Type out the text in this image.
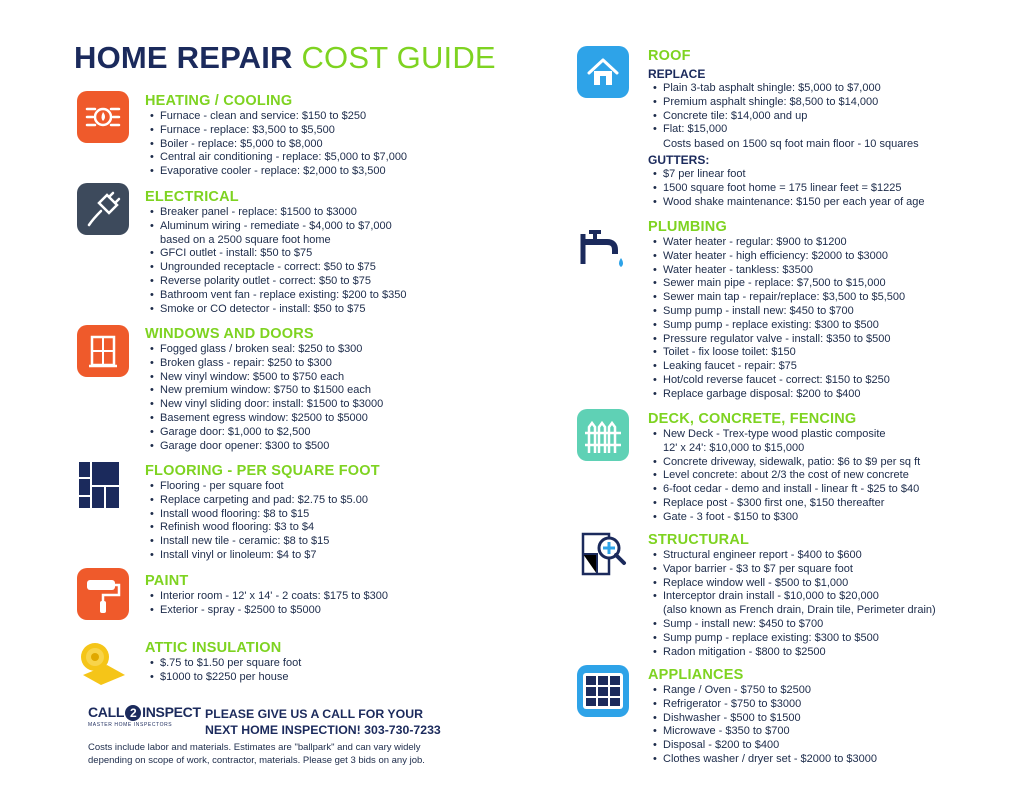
HOME REPAIR COST GUIDE
HEATING / COOLING
• Furnace - clean and service: $150 to $250
• Furnace - replace: $3,500 to $5,500
• Boiler - replace: $5,000 to $8,000
• Central air conditioning - replace: $5,000 to $7,000
• Evaporative cooler - replace: $2,000 to $3,500
ELECTRICAL
• Breaker panel - replace: $1500 to $3000
• Aluminum wiring - remediate - $4,000 to $7,000
based on a 2500 square foot home
• GFCI outlet - install: $50 to $75
• Ungrounded receptacle - correct: $50 to $75
• Reverse polarity outlet - correct: $50 to $75
• Bathroom vent fan - replace existing: $200 to $350
• Smoke or CO detector - install: $50 to $75
WINDOWS AND DOORS
• Fogged glass / broken seal: $250 to $300
• Broken glass - repair: $250 to $300
• New vinyl window: $500 to $750 each
• New premium window: $750 to $1500 each
• New vinyl sliding door: install: $1500 to $3000
• Basement egress window: $2500 to $5000
• Garage door: $1,000 to $2,500
• Garage door opener: $300 to $500
FLOORING - PER SQUARE FOOT
• Flooring - per square foot
• Replace carpeting and pad: $2.75 to $5.00
• Install wood flooring: $8 to $15
• Refinish wood flooring: $3 to $4
• Install new tile - ceramic: $8 to $15
• Install vinyl or linoleum: $4 to $7
PAINT
• Interior room - 12' x 14' - 2 coats: $175 to $300
• Exterior - spray - $2500 to $5000
ATTIC INSULATION
• $.75 to $1.50 per square foot
• $1000 to $2250 per house
CALL 2 INSPECT
MASTER HOME INSPECTORS
PLEASE GIVE US A CALL FOR YOUR
NEXT HOME INSPECTION! 303-730-7233
Costs include labor and materials. Estimates are "ballpark" and can vary widely
depending on scope of work, contractor, materials. Please get 3 bids on any job.
ROOF
REPLACE
• Plain 3-tab asphalt shingle: $5,000 to $7,000
• Premium asphalt shingle: $8,500 to $14,000
• Concrete tile: $14,000 and up
• Flat: $15,000
Costs based on 1500 sq foot main floor - 10 squares
GUTTERS:
• $7 per linear foot
• 1500 square foot home = 175 linear feet = $1225
• Wood shake maintenance: $150 per each year of age
PLUMBING
• Water heater - regular: $900 to $1200
• Water heater - high efficiency: $2000 to $3000
• Water heater - tankless: $3500
• Sewer main pipe - replace: $7,500 to $15,000
• Sewer main tap - repair/replace: $3,500 to $5,500
• Sump pump - install new: $450 to $700
• Sump pump - replace existing: $300 to $500
• Pressure regulator valve - install: $350 to $500
• Toilet - fix loose toilet: $150
• Leaking faucet - repair: $75
• Hot/cold reverse faucet - correct: $150 to $250
• Replace garbage disposal: $200 to $400
DECK, CONCRETE, FENCING
• New Deck - Trex-type wood plastic composite
12' x 24': $10,000 to $15,000
• Concrete driveway, sidewalk, patio: $6 to $9 per sq ft
• Level concrete: about 2/3 the cost of new concrete
• 6-foot cedar - demo and install - linear ft - $25 to $40
• Replace post - $300 first one, $150 thereafter
• Gate - 3 foot - $150 to $300
STRUCTURAL
• Structural engineer report - $400 to $600
• Vapor barrier - $3 to $7 per square foot
• Replace window well - $500 to $1,000
• Interceptor drain install - $10,000 to $20,000
(also known as French drain, Drain tile, Perimeter drain)
• Sump - install new: $450 to $700
• Sump pump - replace existing: $300 to $500
• Radon mitigation - $800 to $2500
APPLIANCES
• Range / Oven - $750 to $2500
• Refrigerator - $750 to $3000
• Dishwasher - $500 to $1500
• Microwave - $350 to $700
• Disposal - $200 to $400
• Clothes washer / dryer set - $2000 to $3000
